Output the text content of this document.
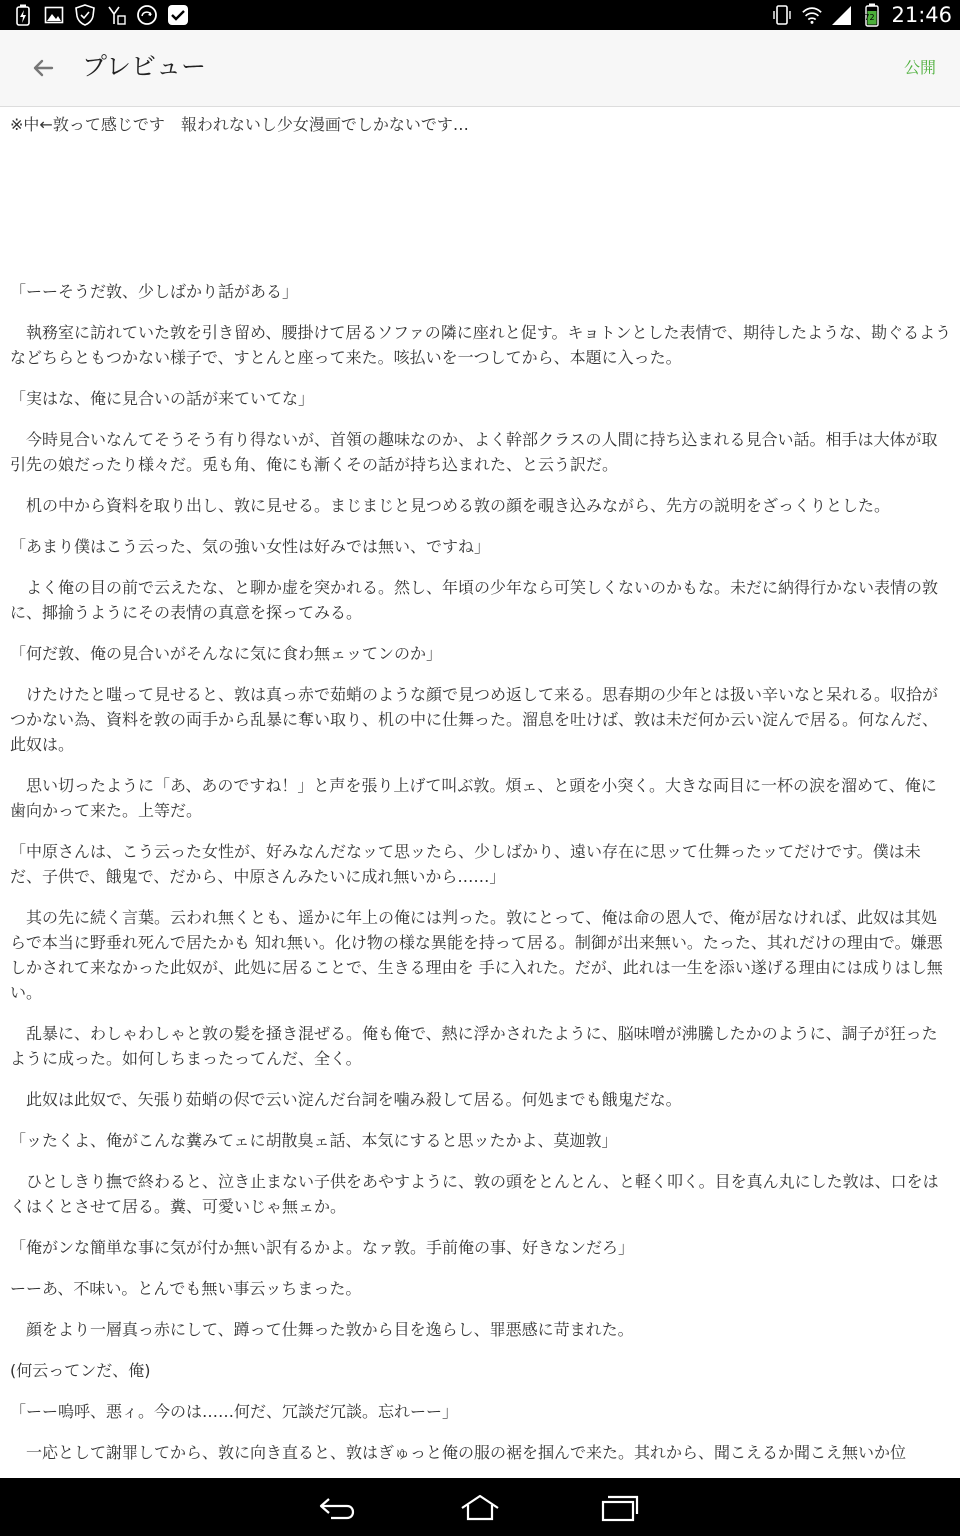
72 21:46
プレビュー	公開
※中←敦って感じです　報われないし少女漫画でしかないです…

「ーーそうだ敦、少しばかり話がある」

　執務室に訪れていた敦を引き留め、腰掛けて居るソファの隣に座れと促す。キョトンとした表情で、期待したような、勘ぐるようなどちらともつかない様子で、すとんと座って来た。咳払いを一つしてから、本題に入った。

「実はな、俺に見合いの話が来ていてな」

　今時見合いなんてそうそう有り得ないが、首領の趣味なのか、よく幹部クラスの人間に持ち込まれる見合い話。相手は大体が取引先の娘だったり様々だ。兎も角、俺にも漸くその話が持ち込まれた、と云う訳だ。

　机の中から資料を取り出し、敦に見せる。まじまじと見つめる敦の顔を覗き込みながら、先方の説明をざっくりとした。

「あまり僕はこう云った、気の強い女性は好みでは無い、ですね」

　よく俺の目の前で云えたな、と聊か虚を突かれる。然し、年頃の少年なら可笑しくないのかもな。未だに納得行かない表情の敦に、揶揄うようにその表情の真意を探ってみる。

「何だ敦、俺の見合いがそんなに気に食わ無ェッてンのか」

　けたけたと嗤って見せると、敦は真っ赤で茹蛸のような顔で見つめ返して来る。思春期の少年とは扱い辛いなと呆れる。収拾がつかない為、資料を敦の両手から乱暴に奪い取り、机の中に仕舞った。溜息を吐けば、敦は未だ何か云い淀んで居る。何なんだ、此奴は。

　思い切ったように「あ、あのですね！」と声を張り上げて叫ぶ敦。煩ェ、と頭を小突く。大きな両目に一杯の涙を溜めて、俺に歯向かって来た。上等だ。

「中原さんは、こう云った女性が、好みなんだなッて思ッたら、少しばかり、遠い存在に思ッて仕舞ったッてだけです。僕は未だ、子供で、餓鬼で、だから、中原さんみたいに成れ無いから……」

　其の先に続く言葉。云われ無くとも、遥かに年上の俺には判った。敦にとって、俺は命の恩人で、俺が居なければ、此奴は其処らで本当に野垂れ死んで居たかも 知れ無い。化け物の様な異能を持って居る。制御が出来無い。たった、其れだけの理由で。嫌悪しかされて来なかった此奴が、此処に居ることで、生きる理由を 手に入れた。だが、此れは一生を添い遂げる理由には成りはし無い。

　乱暴に、わしゃわしゃと敦の髪を掻き混ぜる。俺も俺で、熱に浮かされたように、脳味噌が沸騰したかのように、調子が狂ったように成った。如何しちまったってんだ、全く。

　此奴は此奴で、矢張り茹蛸の侭で云い淀んだ台詞を噛み殺して居る。何処までも餓鬼だな。

「ッたくよ、俺がこんな糞みてェに胡散臭ェ話、本気にすると思ッたかよ、莫迦敦」

　ひとしきり撫で終わると、泣き止まない子供をあやすように、敦の頭をとんとん、と軽く叩く。目を真ん丸にした敦は、口をはくはくとさせて居る。糞、可愛いじゃ無ェか。

「俺がンな簡単な事に気が付か無い訳有るかよ。なァ敦。手前俺の事、好きなンだろ」

ーーあ、不味い。とんでも無い事云ッちまった。

　顔をより一層真っ赤にして、蹲って仕舞った敦から目を逸らし、罪悪感に苛まれた。

(何云ってンだ、俺)

「ーー嗚呼、悪ィ。今のは……何だ、冗談だ冗談。忘れーー」

　一応として謝罪してから、敦に向き直ると、敦はぎゅっと俺の服の裾を掴んで来た。其れから、聞こえるか聞こえ無いか位
